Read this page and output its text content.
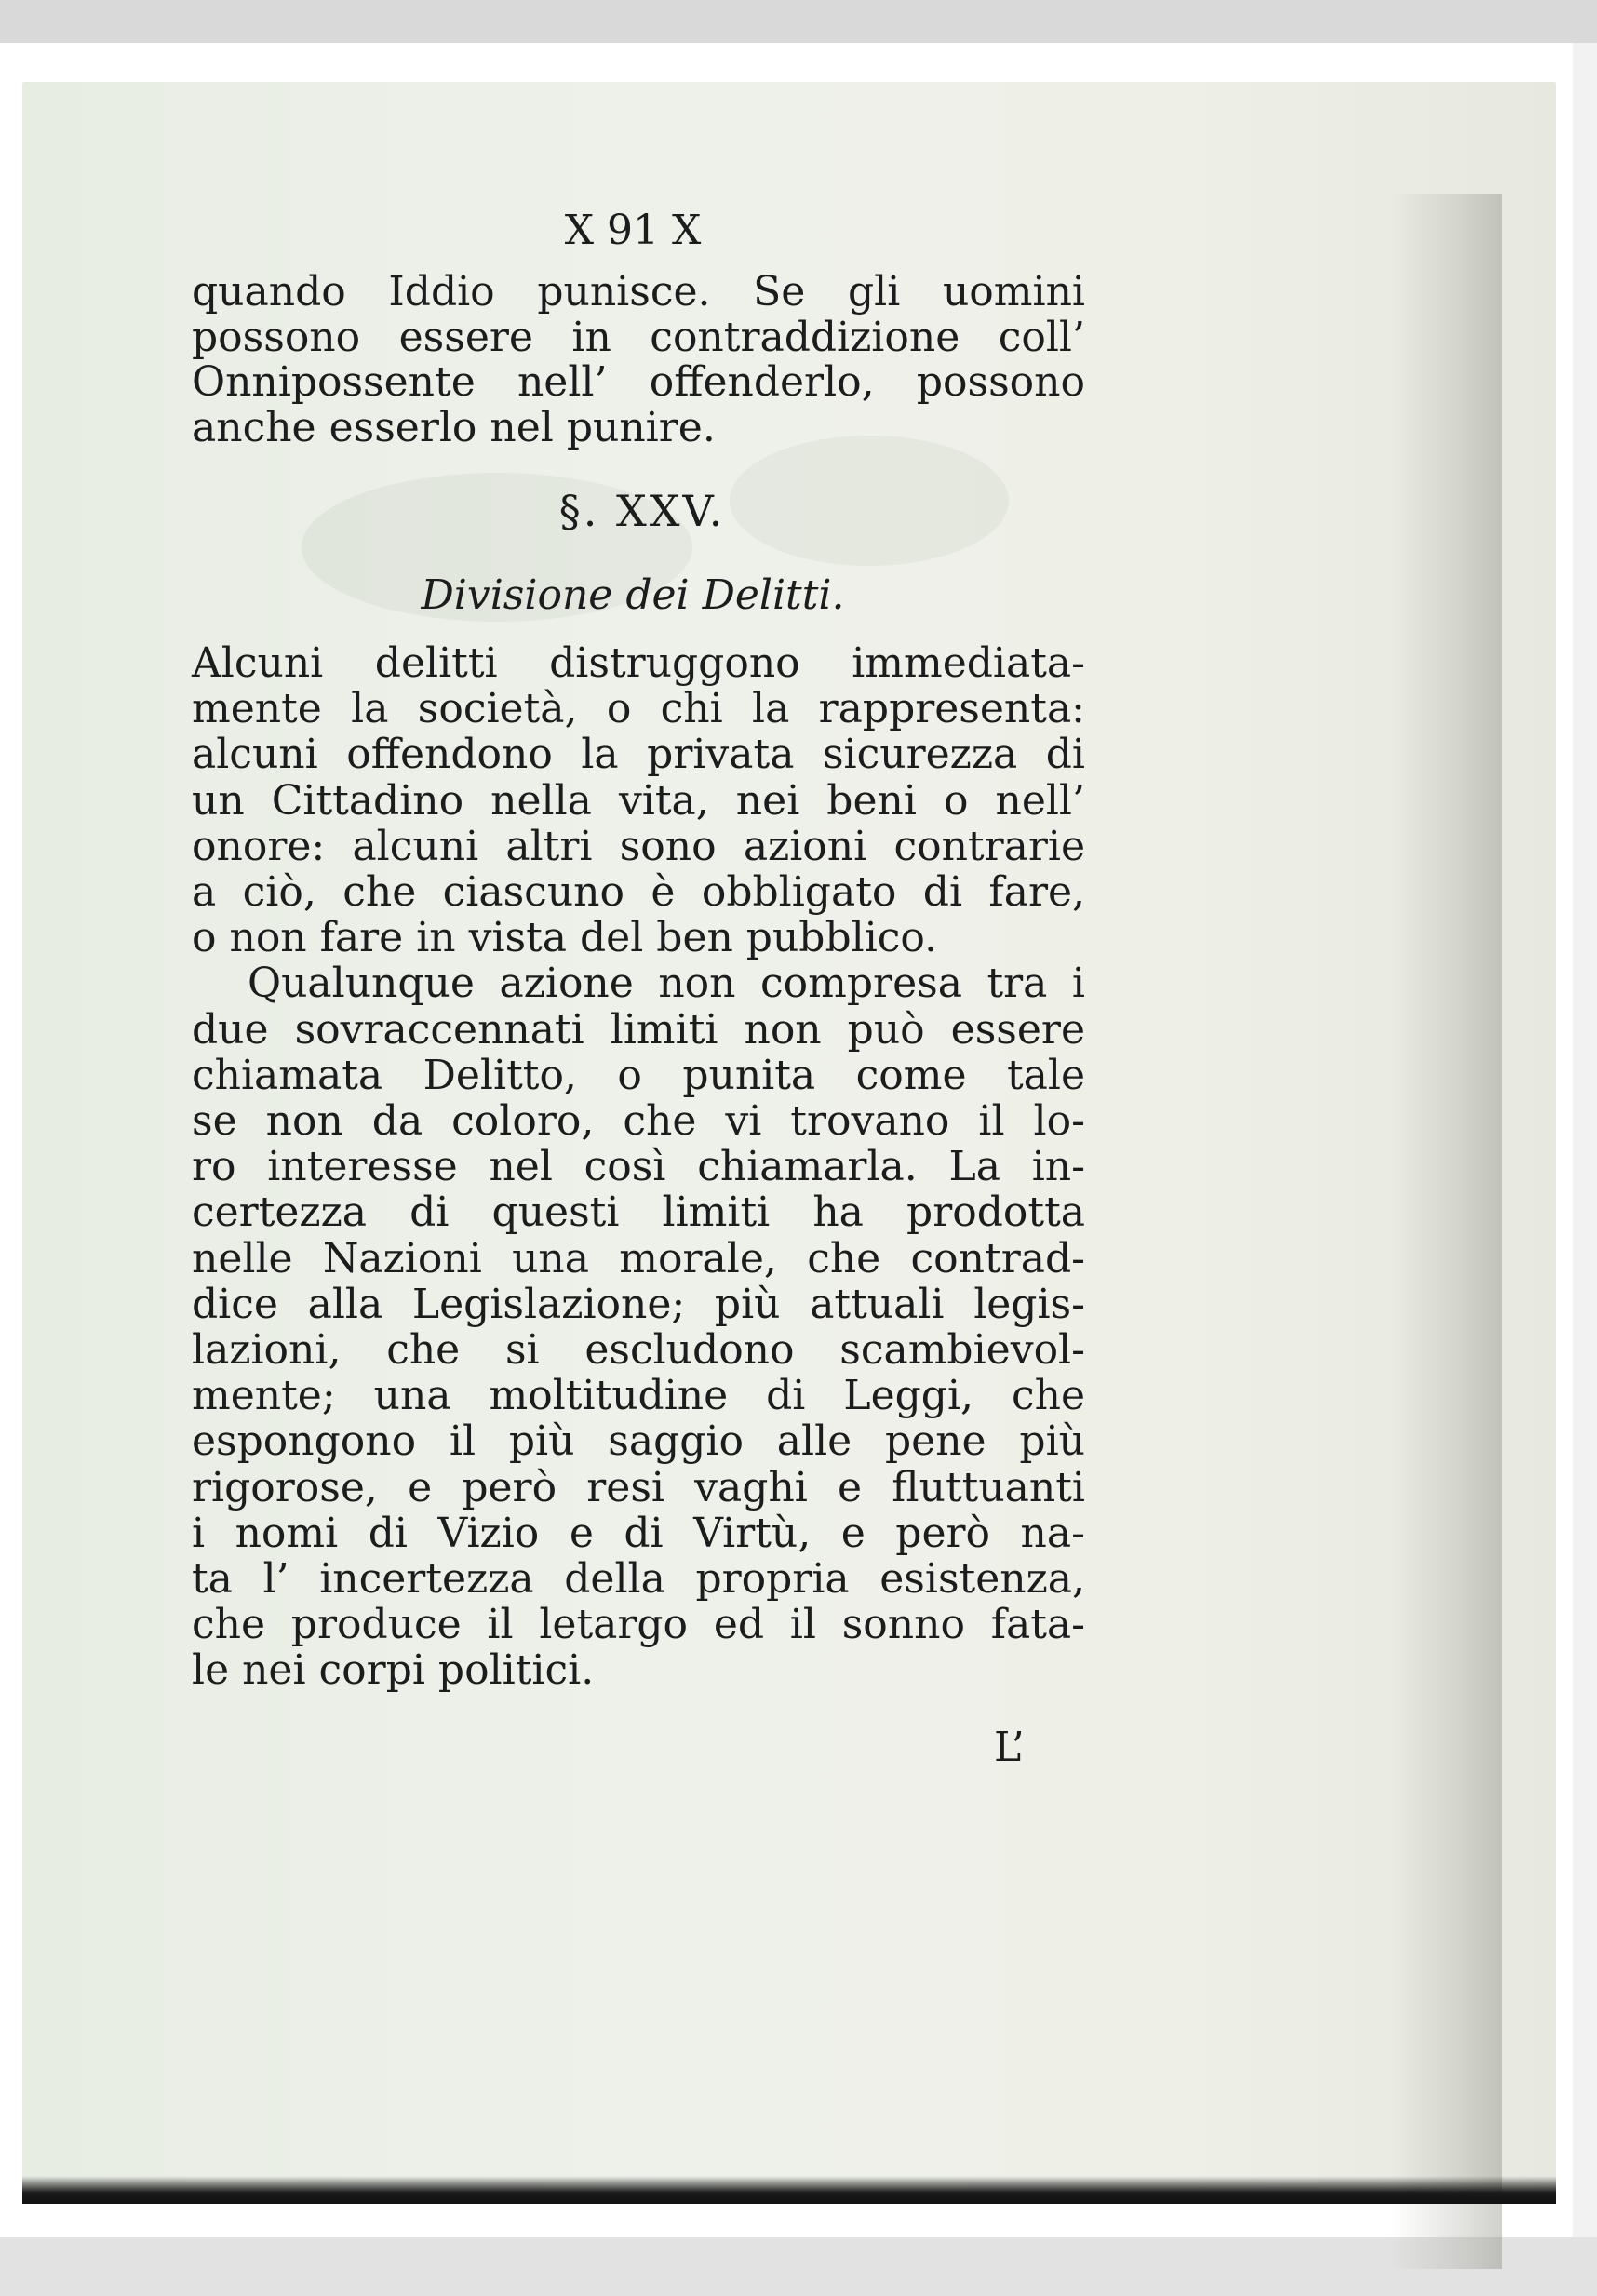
X 91 X
quando Iddio punisce. Se gli uomini
possono essere in contraddizione coll’
Onnipossente nell’ offenderlo, possono
anche esserlo nel punire.
§. XXV.
Divisione dei Delitti.
Alcuni delitti distruggono immediata-
mente la società, o chi la rappresenta:
alcuni offendono la privata sicurezza di
un Cittadino nella vita, nei beni o nell’
onore: alcuni altri sono azioni contrarie
a ciò, che ciascuno è obbligato di fare,
o non fare in vista del ben pubblico.
Qualunque azione non compresa tra i
due sovraccennati limiti non può essere
chiamata Delitto, o punita come tale
se non da coloro, che vi trovano il lo-
ro interesse nel così chiamarla. La in-
certezza di questi limiti ha prodotta
nelle Nazioni una morale, che contrad-
dice alla Legislazione; più attuali legis-
lazioni, che si escludono scambievol-
mente; una moltitudine di Leggi, che
espongono il più saggio alle pene più
rigorose, e però resi vaghi e fluttuanti
i nomi di Vizio e di Virtù, e però na-
ta l’ incertezza della propria esistenza,
che produce il letargo ed il sonno fata-
le nei corpi politici.
L’
